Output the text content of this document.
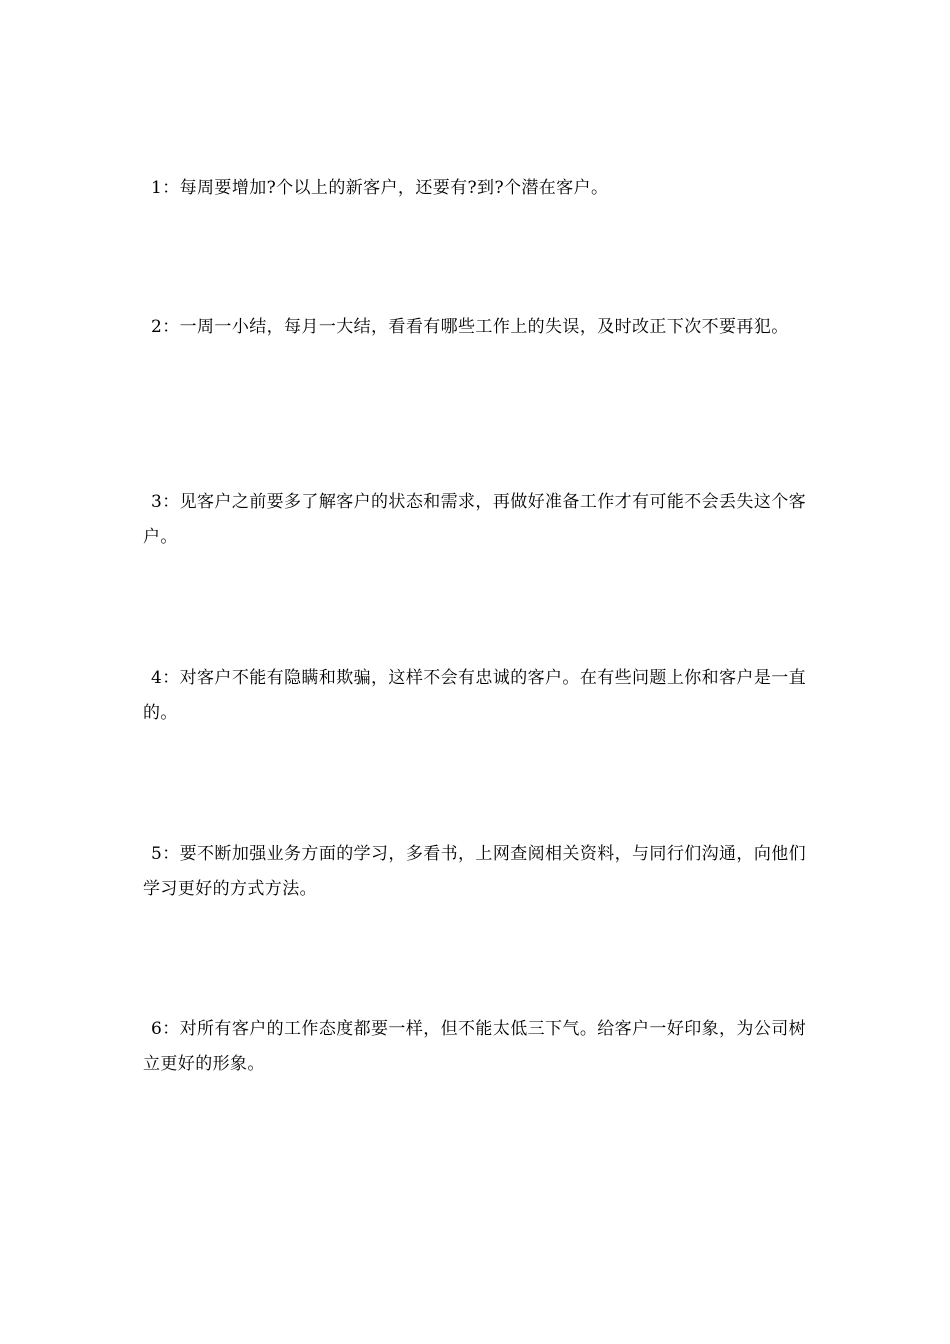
1：每周要增加?个以上的新客户，还要有?到?个潜在客户。

2：一周一小结，每月一大结，看看有哪些工作上的失误，及时改正下次不要再犯。

3：见客户之前要多了解客户的状态和需求，再做好准备工作才有可能不会丢失这个客户。

4：对客户不能有隐瞒和欺骗，这样不会有忠诚的客户。在有些问题上你和客户是一直的。

5：要不断加强业务方面的学习，多看书，上网查阅相关资料，与同行们沟通，向他们学习更好的方式方法。

6：对所有客户的工作态度都要一样，但不能太低三下气。给客户一好印象，为公司树立更好的形象。
